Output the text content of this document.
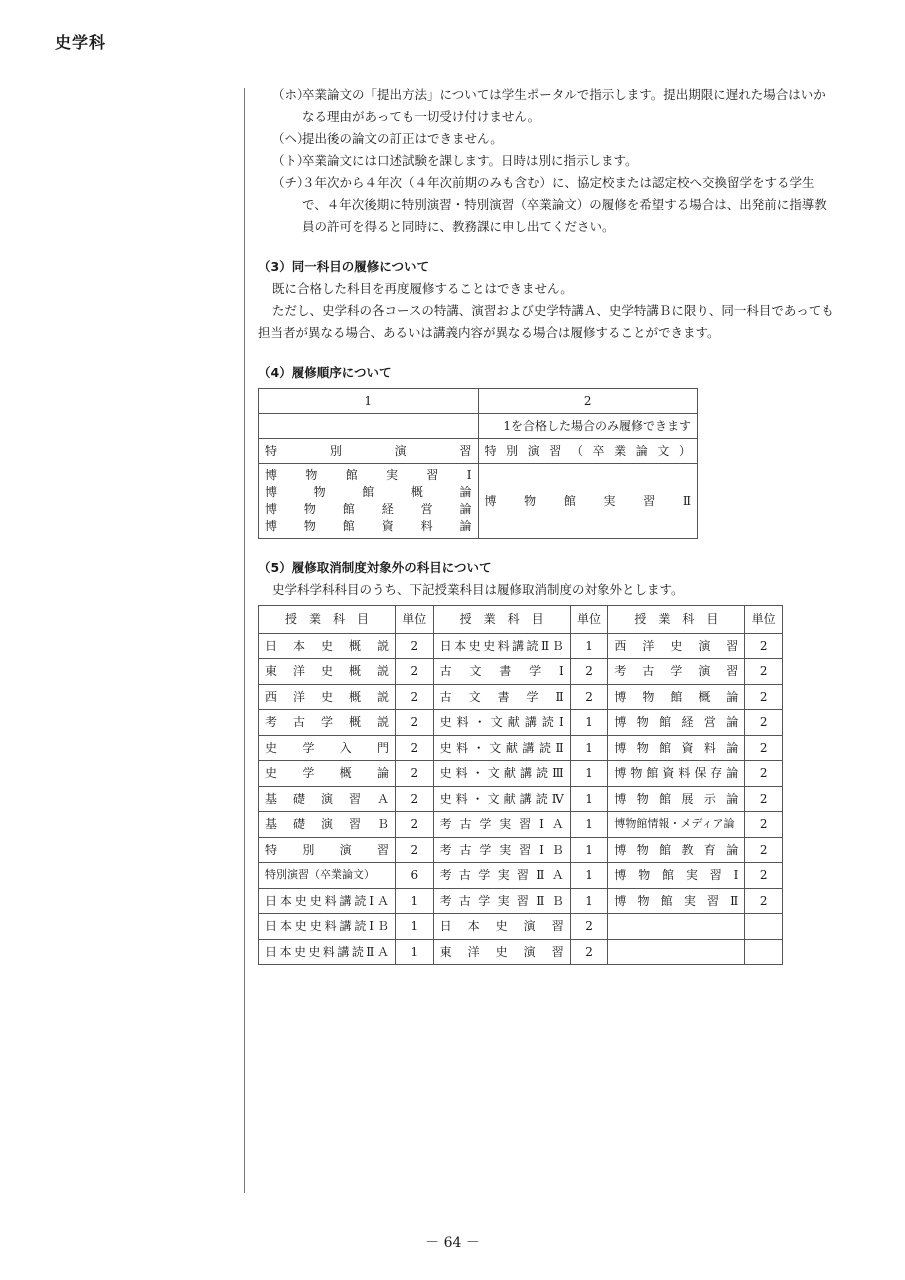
史学科
（ホ）
卒業論文の「提出方法」については学生ポータルで指示します。提出期限に遅れた場合はいかなる理由があっても一切受け付けません。
（ヘ）
提出後の論文の訂正はできません。
（ト）
卒業論文には口述試験を課します。日時は別に指示します。
（チ）
３年次から４年次（４年次前期のみも含む）に、協定校または認定校へ交換留学をする学生で、４年次後期に特別演習・特別演習（卒業論文）の履修を希望する場合は、出発前に指導教員の許可を得ると同時に、教務課に申し出てください。
（3）同一科目の履修について
既に合格した科目を再度履修することはできません。
ただし、史学科の各コースの特講、演習および史学特講Ａ、史学特講Ｂに限り、同一科目であっても担当者が異なる場合、あるいは講義内容が異なる場合は履修することができます。
（4）履修順序について
1	2
	1を合格した場合のみ履修できます

特別演習	特別演習（卒業論文）

博物館実習Ⅰ
博物館概論
博物館経営論
博物館資料論	博物館実習Ⅱ
（5）履修取消制度対象外の科目について
史学科学科科目のうち、下記授業科目は履修取消制度の対象外とします。
授　業　科　目	単位	授　業　科　目	単位	授　業　科　目	単位

日本史概説	2	日本史史料講読ⅡＢ	1	西洋史演習	2

東洋史概説	2	古文書学Ⅰ	2	考古学演習	2

西洋史概説	2	古文書学Ⅱ	2	博物館概論	2

考古学概説	2	史料・文献講読Ⅰ	1	博物館経営論	2

史学入門	2	史料・文献講読Ⅱ	1	博物館資料論	2

史学概論	2	史料・文献講読Ⅲ	1	博物館資料保存論	2

基礎演習Ａ	2	史料・文献講読Ⅳ	1	博物館展示論	2

基礎演習Ｂ	2	考古学実習ⅠＡ	1	博物館情報・メディア論	2

特別演習	2	考古学実習ⅠＢ	1	博物館教育論	2

特別演習（卒業論文）	6	考古学実習ⅡＡ	1	博物館実習Ⅰ	2

日本史史料講読ⅠＡ	1	考古学実習ⅡＢ	1	博物館実習Ⅱ	2

日本史史料講読ⅠＢ	1	日本史演習	2	

日本史史料講読ⅡＡ	1	東洋史演習	2	

－ 64 －
